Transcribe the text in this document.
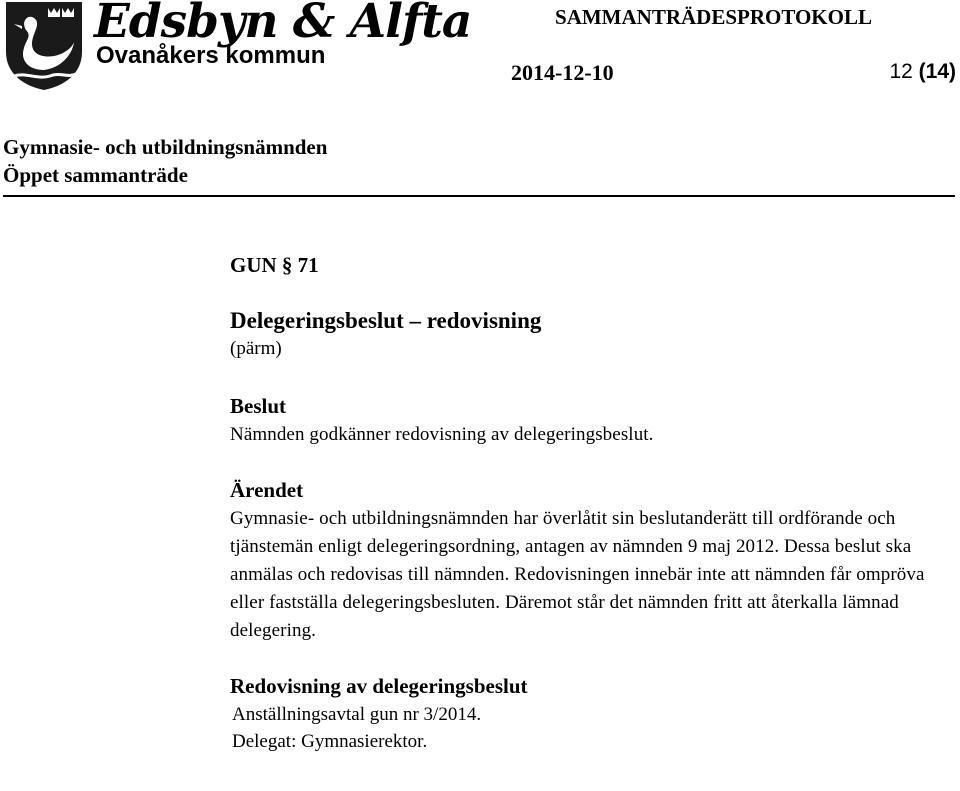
Edsbyn & Alfta
Ovanåkers kommun
SAMMANTRÄDESPROTOKOLL
2014-12-10	12 (14)
Gymnasie- och utbildningsnämnden
Öppet sammanträde

GUN § 71

Delegeringsbeslut – redovisning

(pärm)

Beslut

Nämnden godkänner redovisning av delegeringsbeslut.

Ärendet

Gymnasie- och utbildningsnämnden har överlåtit sin beslutanderätt till ordförande och tjänstemän enligt delegeringsordning, antagen av nämnden 9 maj 2012. Dessa beslut ska anmälas och redovisas till nämnden. Redovisningen innebär inte att nämnden får ompröva eller fastställa delegeringsbesluten. Däremot står det nämnden fritt att återkalla lämnad delegering.

Redovisning av delegeringsbeslut

Anställningsavtal gun nr 3/2014.

Delegat: Gymnasierektor.
